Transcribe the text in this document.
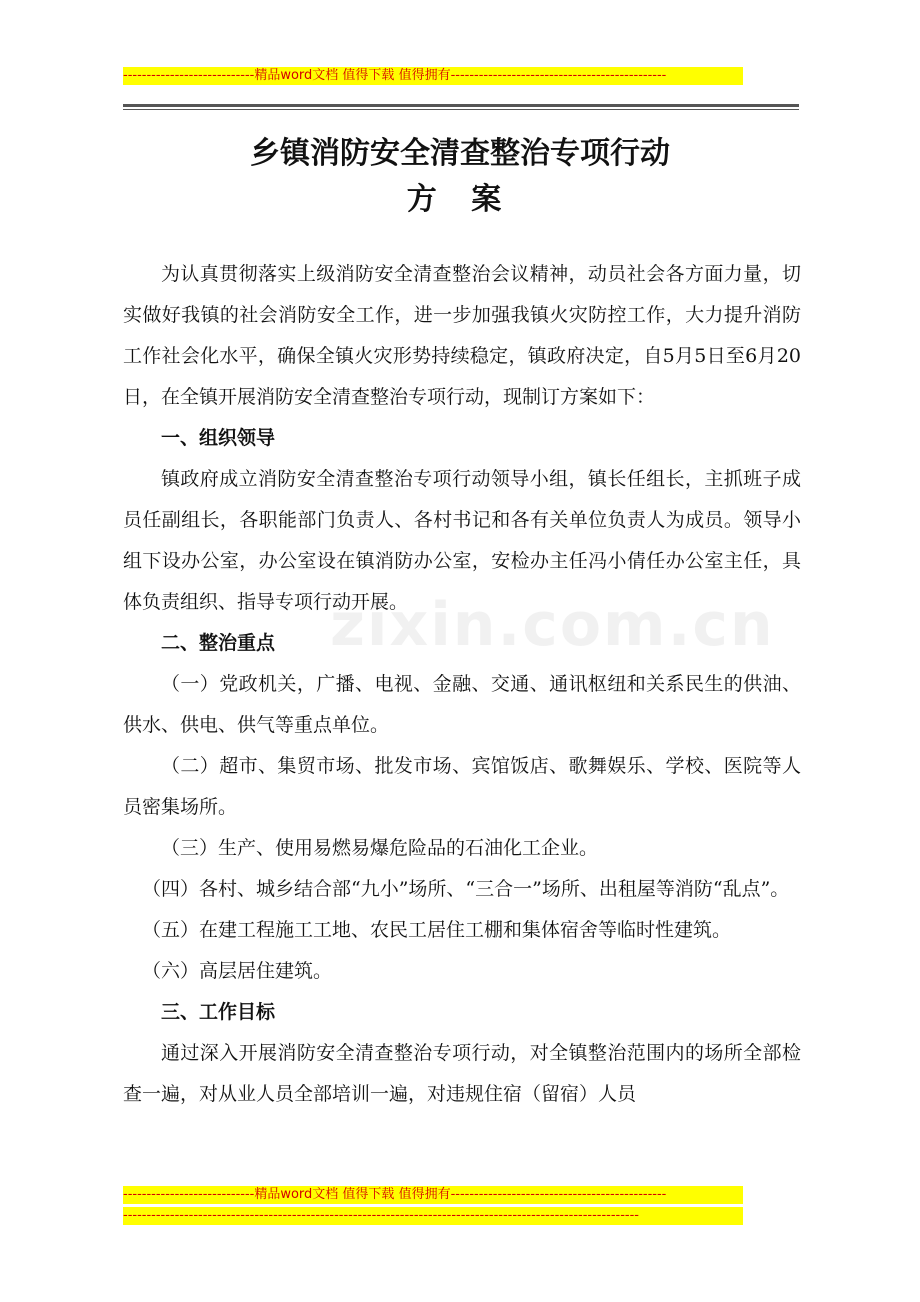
----------------------------精品word文档 值得下载 值得拥有----------------------------------------------
乡镇消防安全清查整治专项行动
方 案
zixin.com.cn

为认真贯彻落实上级消防安全清查整治会议精神，动员社会各方面力量，切实做好我镇的社会消防安全工作，进一步加强我镇火灾防控工作，大力提升消防工作社会化水平，确保全镇火灾形势持续稳定，镇政府决定，自5月5日至6月20日，在全镇开展消防安全清查整治专项行动，现制订方案如下：

一、组织领导

镇政府成立消防安全清查整治专项行动领导小组，镇长任组长，主抓班子成员任副组长，各职能部门负责人、各村书记和各有关单位负责人为成员。领导小组下设办公室，办公室设在镇消防办公室，安检办主任冯小倩任办公室主任，具体负责组织、指导专项行动开展。

二、整治重点

（一）党政机关，广播、电视、金融、交通、通讯枢纽和关系民生的供油、供水、供电、供气等重点单位。

（二）超市、集贸市场、批发市场、宾馆饭店、歌舞娱乐、学校、医院等人员密集场所。

（三）生产、使用易燃易爆危险品的石油化工企业。

（四）各村、城乡结合部“九小”场所、“三合一”场所、出租屋等消防“乱点”。

（五）在建工程施工工地、农民工居住工棚和集体宿舍等临时性建筑。

（六）高层居住建筑。

三、工作目标

通过深入开展消防安全清查整治专项行动，对全镇整治范围内的场所全部检查一遍，对从业人员全部培训一遍，对违规住宿（留宿）人员

----------------------------精品word文档 值得下载 值得拥有----------------------------------------------
--------------------------------------------------------------------------------------------------------------
